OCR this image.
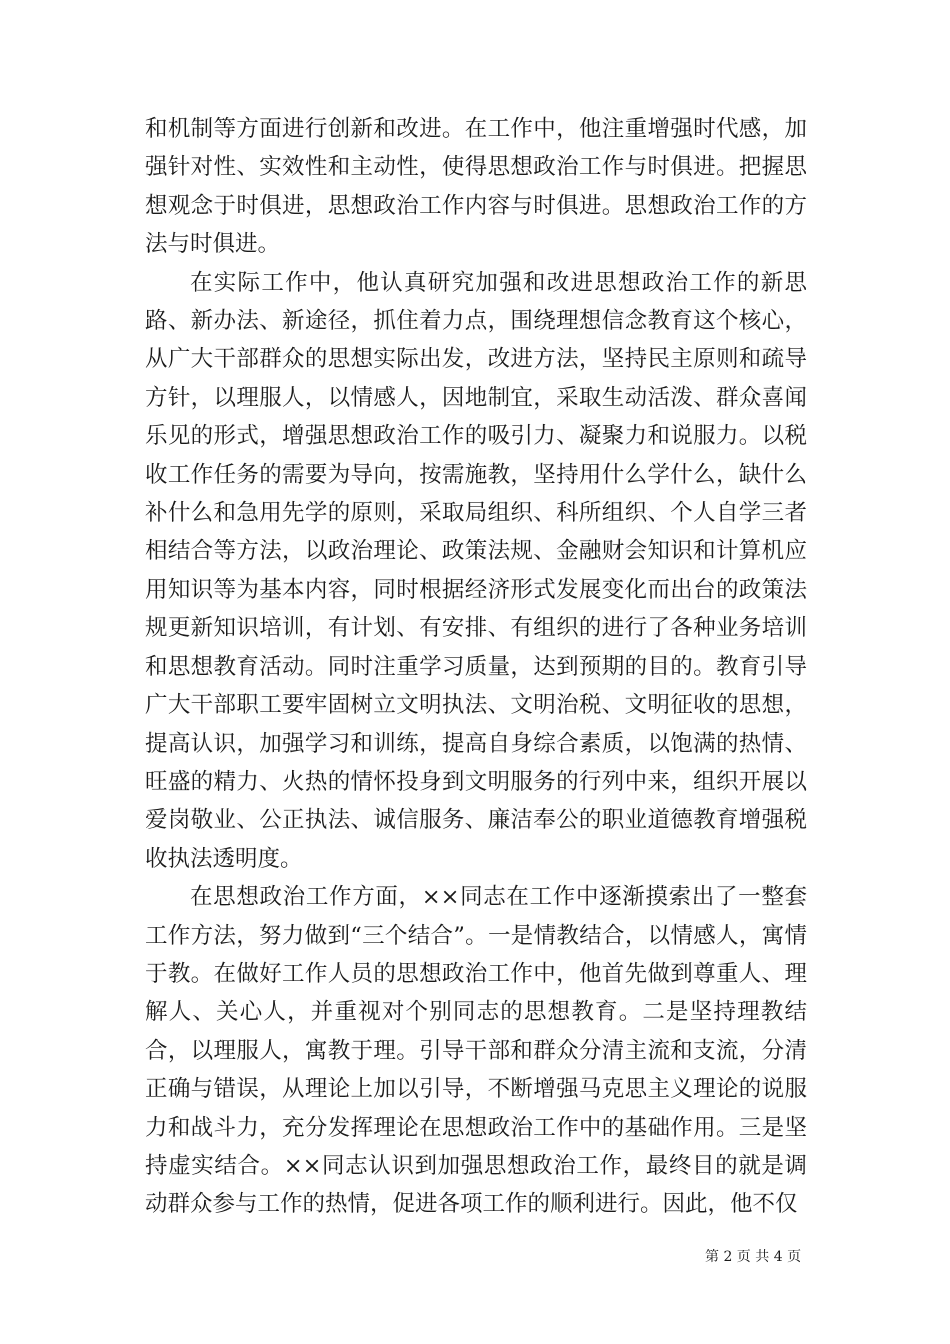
和机制等方面进行创新和改进。在工作中，他注重增强时代感，加强针对性、实效性和主动性，使得思想政治工作与时俱进。把握思想观念于时俱进，思想政治工作内容与时俱进。思想政治工作的方法与时俱进。

在实际工作中，他认真研究加强和改进思想政治工作的新思路、新办法、新途径，抓住着力点，围绕理想信念教育这个核心，从广大干部群众的思想实际出发，改进方法，坚持民主原则和疏导方针，以理服人，以情感人，因地制宜，采取生动活泼、群众喜闻乐见的形式，增强思想政治工作的吸引力、凝聚力和说服力。以税收工作任务的需要为导向，按需施教，坚持用什么学什么，缺什么补什么和急用先学的原则，采取局组织、科所组织、个人自学三者相结合等方法，以政治理论、政策法规、金融财会知识和计算机应用知识等为基本内容，同时根据经济形式发展变化而出台的政策法规更新知识培训，有计划、有安排、有组织的进行了各种业务培训和思想教育活动。同时注重学习质量，达到预期的目的。教育引导广大干部职工要牢固树立文明执法、文明治税、文明征收的思想，提高认识，加强学习和训练，提高自身综合素质，以饱满的热情、旺盛的精力、火热的情怀投身到文明服务的行列中来，组织开展以爱岗敬业、公正执法、诚信服务、廉洁奉公的职业道德教育增强税收执法透明度。

在思想政治工作方面，××同志在工作中逐渐摸索出了一整套工作方法，努力做到“三个结合”。一是情教结合，以情感人，寓情于教。在做好工作人员的思想政治工作中，他首先做到尊重人、理解人、关心人，并重视对个别同志的思想教育。二是坚持理教结合，以理服人，寓教于理。引导干部和群众分清主流和支流，分清正确与错误，从理论上加以引导，不断增强马克思主义理论的说服力和战斗力，充分发挥理论在思想政治工作中的基础作用。三是坚持虚实结合。××同志认识到加强思想政治工作，最终目的就是调动群众参与工作的热情，促进各项工作的顺利进行。因此，他不仅

第 2 页 共 4 页
